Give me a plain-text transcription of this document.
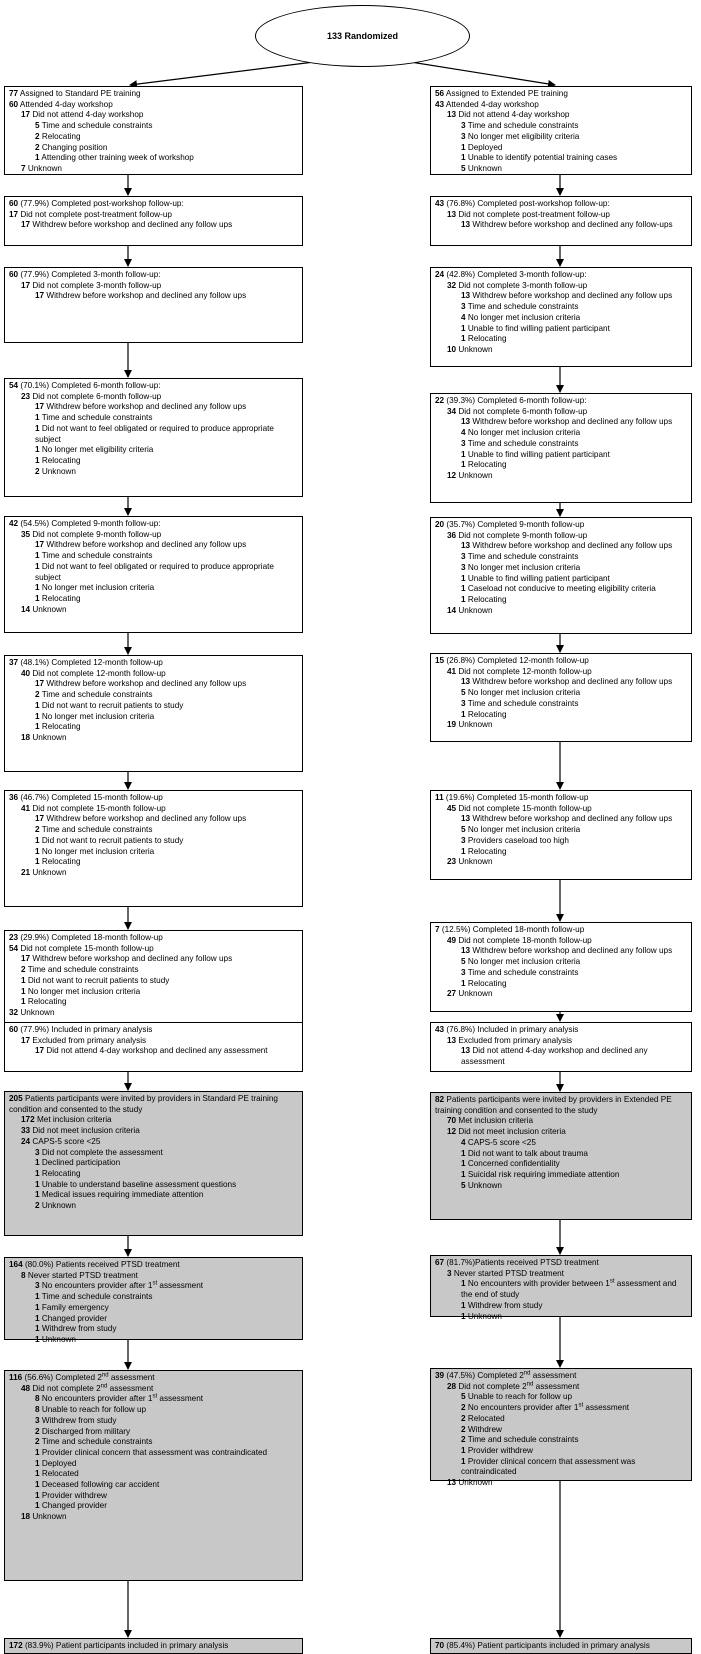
133 Randomized
77 Assigned to Standard PE training
60 Attended 4-day workshop
17 Did not attend 4-day workshop
5 Time and schedule constraints
2 Relocating
2 Changing position
1 Attending other training week of workshop
7 Unknown
60 (77.9%) Completed post-workshop follow-up:
17 Did not complete post-treatment follow-up
17 Withdrew before workshop and declined any follow ups
60 (77.9%) Completed 3-month follow-up:
17 Did not complete 3-month follow-up
17 Withdrew before workshop and declined any follow ups
54 (70.1%) Completed 6-month follow-up:
23 Did not complete 6-month follow-up
17 Withdrew before workshop and declined any follow ups
1 Time and schedule constraints
1 Did not want to feel obligated or required to produce appropriate subject
1 No longer met eligibility criteria
1 Relocating
2 Unknown
42 (54.5%) Completed 9-month follow-up:
35 Did not complete 9-month follow-up
17 Withdrew before workshop and declined any follow ups
1 Time and schedule constraints
1 Did not want to feel obligated or required to produce appropriate subject
1 No longer met inclusion criteria
1 Relocating
14 Unknown
37 (48.1%) Completed 12-month follow-up
40 Did not complete 12-month follow-up
17 Withdrew before workshop and declined any follow ups
2 Time and schedule constraints
1 Did not want to recruit patients to study
1 No longer met inclusion criteria
1 Relocating
18 Unknown
36 (46.7%) Completed 15-month follow-up
41 Did not complete 15-month follow-up
17 Withdrew before workshop and declined any follow ups
2 Time and schedule constraints
1 Did not want to recruit patients to study
1 No longer met inclusion criteria
1 Relocating
21 Unknown
23 (29.9%) Completed 18-month follow-up
54 Did not complete 15-month follow-up
17 Withdrew before workshop and declined any follow ups
2 Time and schedule constraints
1 Did not want to recruit patients to study
1 No longer met inclusion criteria
1 Relocating
32 Unknown
60 (77.9%) Included in primary analysis
17 Excluded from primary analysis
17 Did not attend 4-day workshop and declined any assessment
205 Patients participants were invited by providers in Standard PE training condition and consented to the study
172 Met inclusion criteria
33 Did not meet inclusion criteria
24 CAPS-5 score <25
3 Did not complete the assessment
1 Declined participation
1 Relocating
1 Unable to understand baseline assessment questions
1 Medical issues requiring immediate attention
2 Unknown
164 (80.0%) Patients received PTSD treatment
8 Never started PTSD treatment
3 No encounters provider after 1st assessment
1 Time and schedule constraints
1 Family emergency
1 Changed provider
1 Withdrew from study
1 Unknown
116 (56.6%) Completed 2nd assessment
48 Did not complete 2nd assessment
8 No encounters provider after 1st assessment
8 Unable to reach for follow up
3 Withdrew from study
2 Discharged from military
2 Time and schedule constraints
1 Provider clinical concern that assessment was contraindicated
1 Deployed
1 Relocated
1 Deceased following car accident
1 Provider withdrew
1 Changed provider
18 Unknown
172 (83.9%) Patient participants included in primary analysis
56 Assigned to Extended PE training
43 Attended 4-day workshop
13 Did not attend 4-day workshop
3 Time and schedule constraints
3 No longer met eligibility criteria
1 Deployed
1 Unable to identify potential training cases
5 Unknown
43 (76.8%) Completed post-workshop follow-up:
13 Did not complete post-treatment follow-up
13 Withdrew before workshop and declined any follow-ups
24 (42.8%) Completed 3-month follow-up:
32 Did not complete 3-month follow-up
13 Withdrew before workshop and declined any follow ups
3 Time and schedule constraints
4 No longer met inclusion criteria
1 Unable to find willing patient participant
1 Relocating
10 Unknown
22 (39.3%) Completed 6-month follow-up:
34 Did not complete 6-month follow-up
13 Withdrew before workshop and declined any follow ups
4 No longer met inclusion criteria
3 Time and schedule constraints
1 Unable to find willing patient participant
1 Relocating
12 Unknown
20 (35.7%) Completed 9-month follow-up
36 Did not complete 9-month follow-up
13 Withdrew before workshop and declined any follow ups
3 Time and schedule constraints
3 No longer met inclusion criteria
1 Unable to find willing patient participant
1 Caseload not conducive to meeting eligibility criteria
1 Relocating
14 Unknown
15 (26.8%) Completed 12-month follow-up
41 Did not complete 12-month follow-up
13 Withdrew before workshop and declined any follow ups
5 No longer met inclusion criteria
3 Time and schedule constraints
1 Relocating
19 Unknown
11 (19.6%) Completed 15-month follow-up
45 Did not complete 15-month follow-up
13 Withdrew before workshop and declined any follow ups
5 No longer met inclusion criteria
3 Providers caseload too high
1 Relocating
23 Unknown
7 (12.5%) Completed 18-month follow-up
49 Did not complete 18-month follow-up
13 Withdrew before workshop and declined any follow ups
5 No longer met inclusion criteria
3 Time and schedule constraints
1 Relocating
27 Unknown
43 (76.8%) Included in primary analysis
13 Excluded from primary analysis
13 Did not attend 4-day workshop and declined any assessment
82 Patients participants were invited by providers in Extended PE training condition and consented to the study
70 Met inclusion criteria
12 Did not meet inclusion criteria
4 CAPS-5 score <25
1 Did not want to talk about trauma
1 Concerned confidentiality
1 Suicidal risk requiring immediate attention
5 Unknown
67 (81.7%)Patients received PTSD treatment
3 Never started PTSD treatment
1 No encounters with provider between 1st assessment and the end of study
1 Withdrew from study
1 Unknown
39 (47.5%) Completed 2nd assessment
28 Did not complete 2nd assessment
5 Unable to reach for follow up
2 No encounters provider after 1st assessment
2 Relocated
2 Withdrew
2 Time and schedule constraints
1 Provider withdrew
1 Provider clinical concern that assessment was contraindicated
13 Unknown
70 (85.4%) Patient participants included in primary analysis
